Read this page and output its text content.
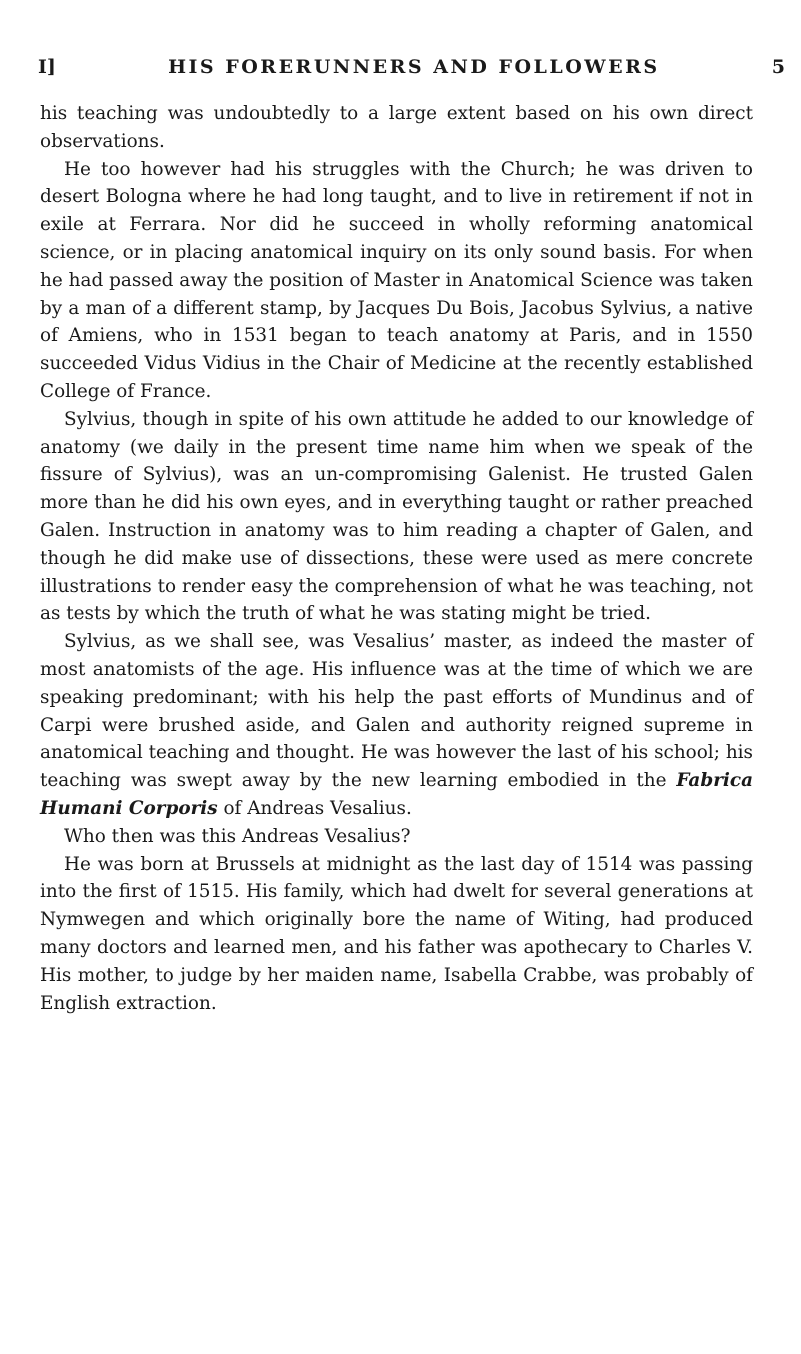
I]	HIS FORERUNNERS AND FOLLOWERS	5

his teaching was undoubtedly to a large extent based on his own direct observations.

He too however had his struggles with the Church; he was driven to desert Bologna where he had long taught, and to live in retirement if not in exile at Ferrara. Nor did he succeed in wholly reforming anatomical science, or in placing anatomical inquiry on its only sound basis. For when he had passed away the position of Master in Anatomical Science was taken by a man of a different stamp, by Jacques Du Bois, Jacobus Sylvius, a native of Amiens, who in 1531 began to teach anatomy at Paris, and in 1550 succeeded Vidus Vidius in the Chair of Medicine at the recently established College of France.

Sylvius, though in spite of his own attitude he added to our knowledge of anatomy (we daily in the present time name him when we speak of the fissure of Sylvius), was an un-compromising Galenist. He trusted Galen more than he did his own eyes, and in everything taught or rather preached Galen. Instruction in anatomy was to him reading a chapter of Galen, and though he did make use of dissections, these were used as mere concrete illustrations to render easy the comprehension of what he was teaching, not as tests by which the truth of what he was stating might be tried.

Sylvius, as we shall see, was Vesalius’ master, as indeed the master of most anatomists of the age. His influence was at the time of which we are speaking predominant; with his help the past efforts of Mundinus and of Carpi were brushed aside, and Galen and authority reigned supreme in anatomical teaching and thought. He was however the last of his school; his teaching was swept away by the new learning embodied in the Fabrica Humani Corporis of Andreas Vesalius.

Who then was this Andreas Vesalius?

He was born at Brussels at midnight as the last day of 1514 was passing into the first of 1515. His family, which had dwelt for several generations at Nymwegen and which originally bore the name of Witing, had produced many doctors and learned men, and his father was apothecary to Charles V. His mother, to judge by her maiden name, Isabella Crabbe, was probably of English extraction.
